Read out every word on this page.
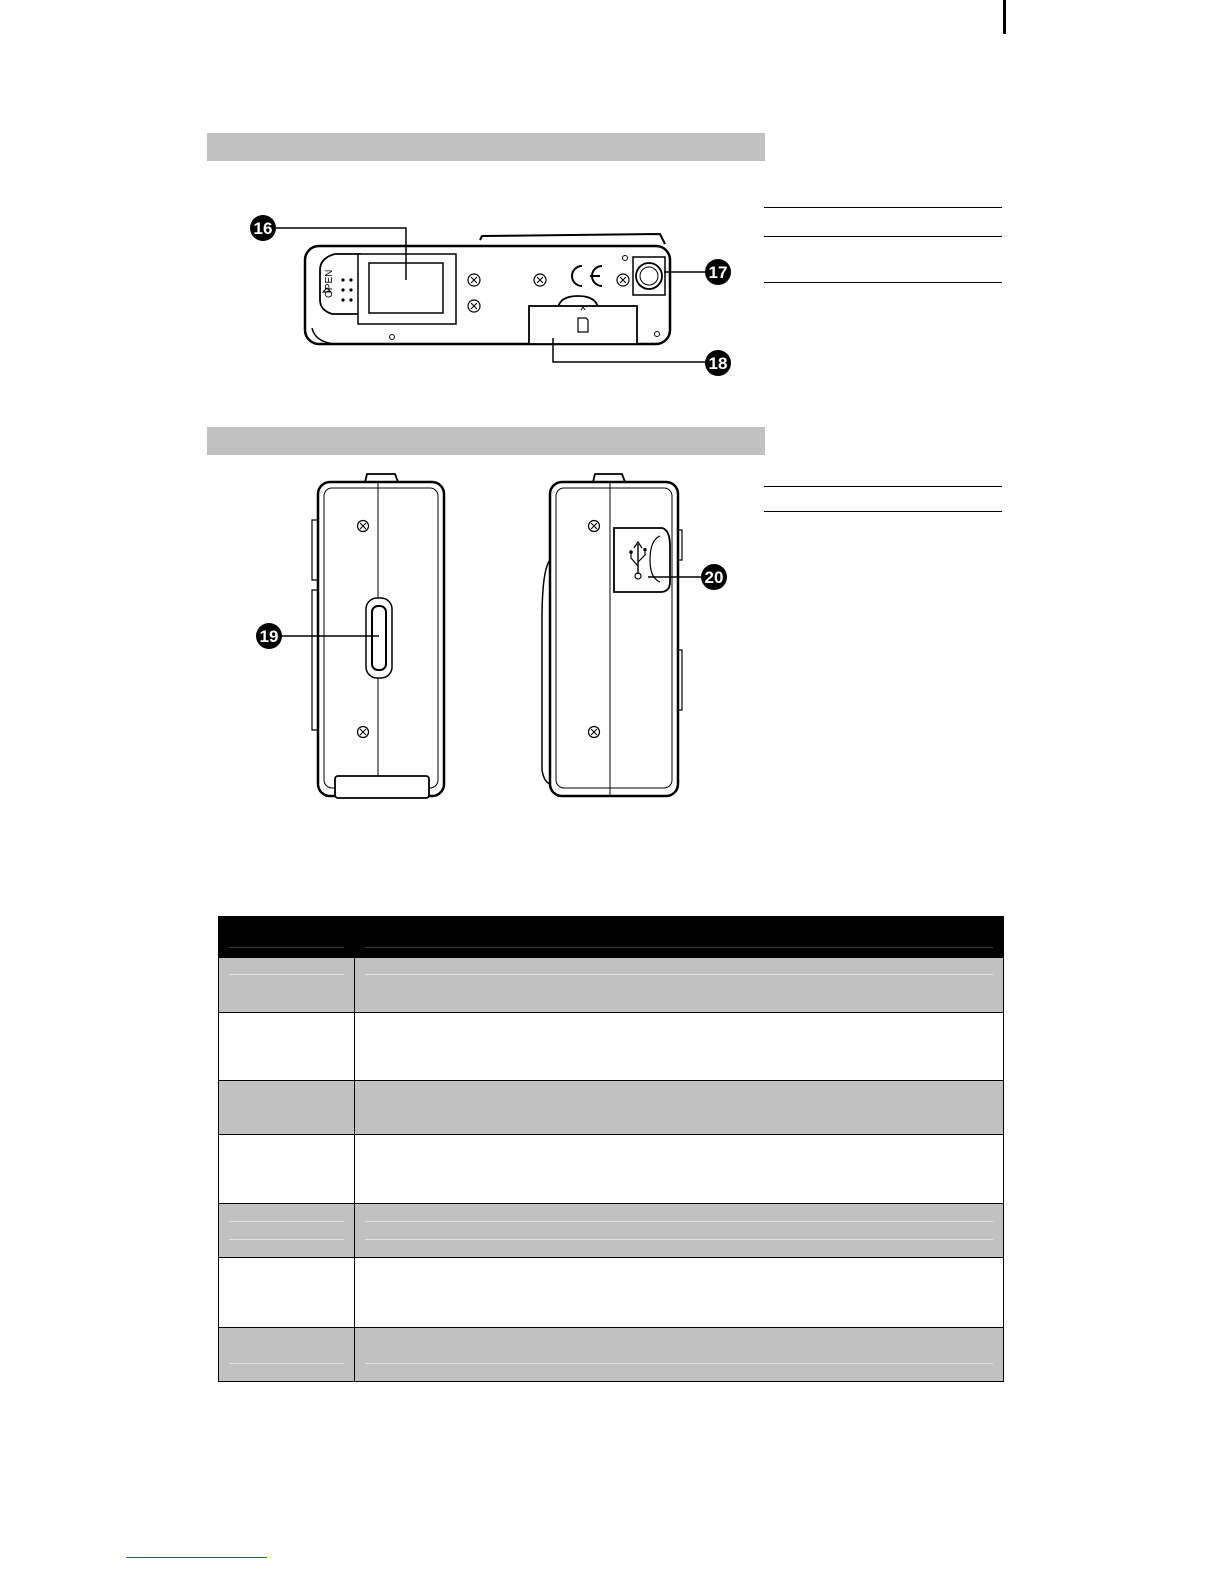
OPEN
16
17
18
19
20
